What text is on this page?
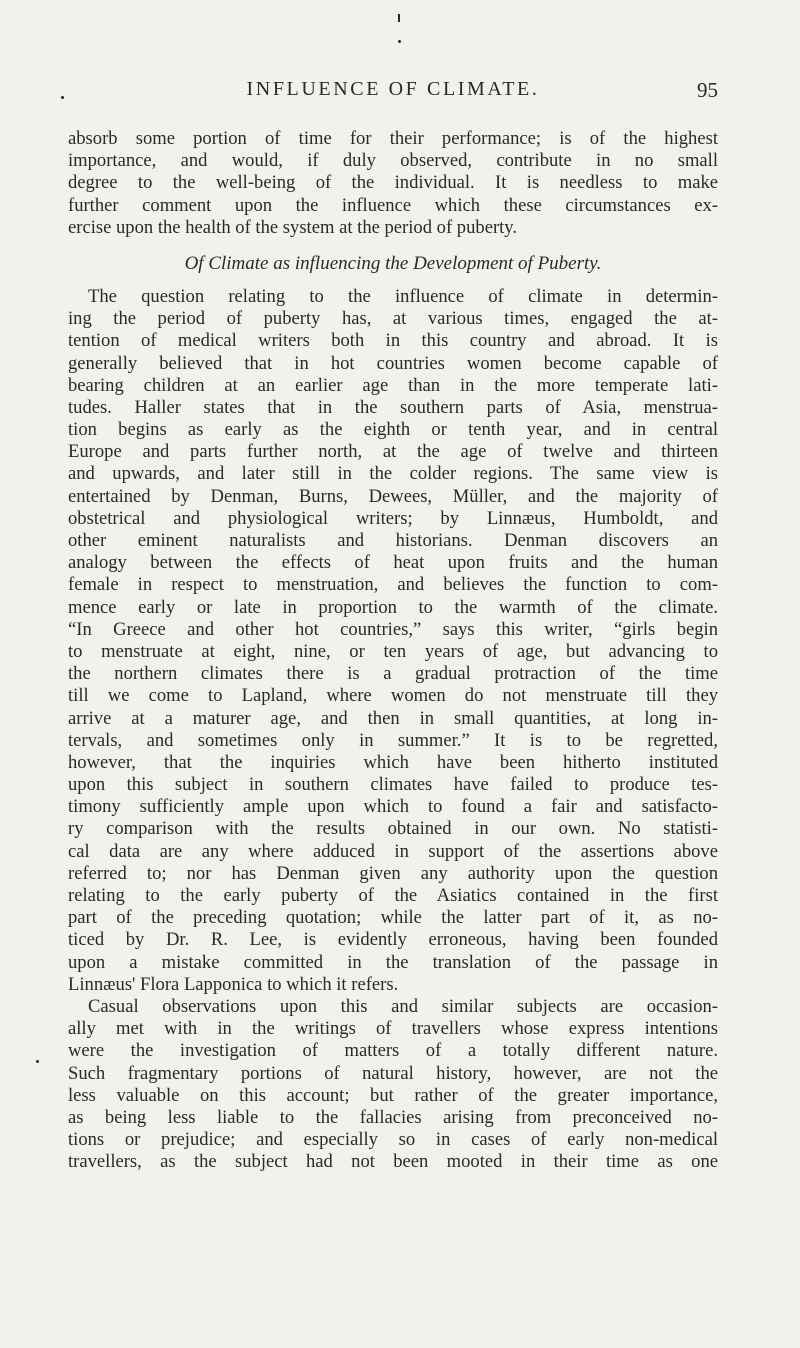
INFLUENCE OF CLIMATE.	95
absorb some portion of time for their performance; is of the highest
importance, and would, if duly observed, contribute in no small
degree to the well-being of the individual. It is needless to make
further comment upon the influence which these circumstances ex-
ercise upon the health of the system at the period of puberty.
Of Climate as influencing the Development of Puberty.
The question relating to the influence of climate in determin-
ing the period of puberty has, at various times, engaged the at-
tention of medical writers both in this country and abroad. It is
generally believed that in hot countries women become capable of
bearing children at an earlier age than in the more temperate lati-
tudes. Haller states that in the southern parts of Asia, menstrua-
tion begins as early as the eighth or tenth year, and in central
Europe and parts further north, at the age of twelve and thirteen
and upwards, and later still in the colder regions. The same view is
entertained by Denman, Burns, Dewees, Müller, and the majority of
obstetrical and physiological writers; by Linnæus, Humboldt, and
other eminent naturalists and historians. Denman discovers an
analogy between the effects of heat upon fruits and the human
female in respect to menstruation, and believes the function to com-
mence early or late in proportion to the warmth of the climate.
“In Greece and other hot countries,” says this writer, “girls begin
to menstruate at eight, nine, or ten years of age, but advancing to
the northern climates there is a gradual protraction of the time
till we come to Lapland, where women do not menstruate till they
arrive at a maturer age, and then in small quantities, at long in-
tervals, and sometimes only in summer.” It is to be regretted,
however, that the inquiries which have been hitherto instituted
upon this subject in southern climates have failed to produce tes-
timony sufficiently ample upon which to found a fair and satisfacto-
ry comparison with the results obtained in our own. No statisti-
cal data are any where adduced in support of the assertions above
referred to; nor has Denman given any authority upon the question
relating to the early puberty of the Asiatics contained in the first
part of the preceding quotation; while the latter part of it, as no-
ticed by Dr. R. Lee, is evidently erroneous, having been founded
upon a mistake committed in the translation of the passage in
Linnæus' Flora Lapponica to which it refers.
Casual observations upon this and similar subjects are occasion-
ally met with in the writings of travellers whose express intentions
were the investigation of matters of a totally different nature.
Such fragmentary portions of natural history, however, are not the
less valuable on this account; but rather of the greater importance,
as being less liable to the fallacies arising from preconceived no-
tions or prejudice; and especially so in cases of early non-medical
travellers, as the subject had not been mooted in their time as one
